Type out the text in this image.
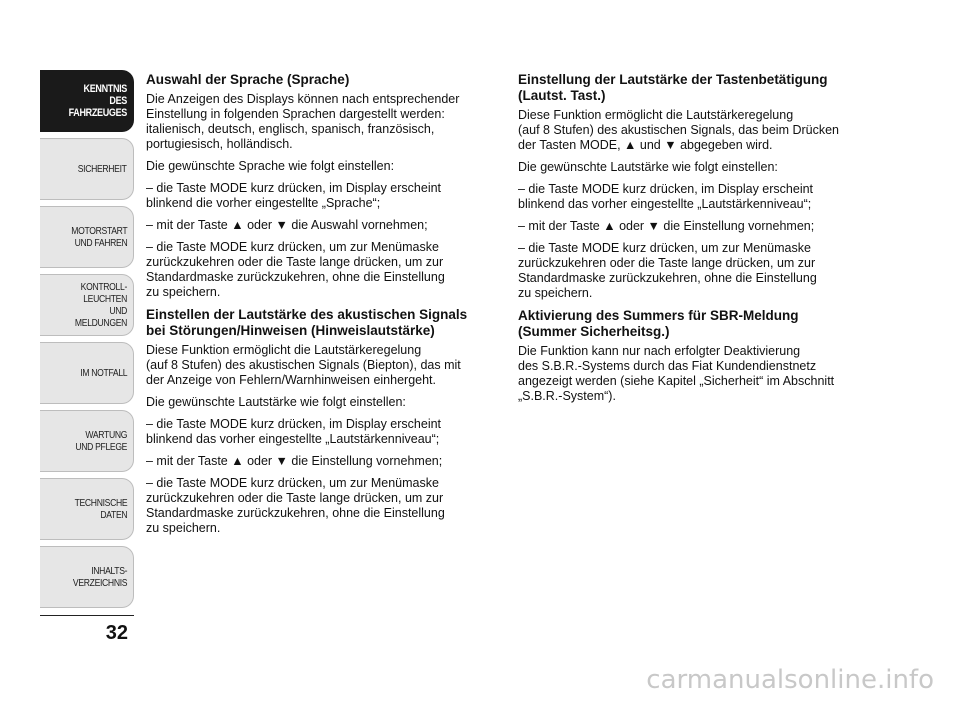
KENNTNIS
DES FAHRZEUGES
SICHERHEIT
MOTORSTART
UND FAHREN
KONTROLL-
LEUCHTEN
UND MELDUNGEN
IM NOTFALL
WARTUNG
UND PFLEGE
TECHNISCHE
DATEN
INHALTS-
VERZEICHNIS
32
Auswahl der Sprache (Sprache)

Die Anzeigen des Displays können nach entsprechender
Einstellung in folgenden Sprachen dargestellt werden:
italienisch, deutsch, englisch, spanisch, französisch,
portugiesisch, holländisch.

Die gewünschte Sprache wie folgt einstellen:

– die Taste MODE kurz drücken, im Display erscheint
blinkend die vorher eingestellte „Sprache“;

– mit der Taste ▲ oder ▼ die Auswahl vornehmen;

– die Taste MODE kurz drücken, um zur Menümaske
zurückzukehren oder die Taste lange drücken, um zur
Standardmaske zurückzukehren, ohne die Einstellung
zu speichern.

Einstellen der Lautstärke des akustischen Signals
bei Störungen/Hinweisen (Hinweislautstärke)

Diese Funktion ermöglicht die Lautstärkeregelung
(auf 8 Stufen) des akustischen Signals (Biepton), das mit
der Anzeige von Fehlern/Warnhinweisen einhergeht.

Die gewünschte Lautstärke wie folgt einstellen:

– die Taste MODE kurz drücken, im Display erscheint
blinkend das vorher eingestellte „Lautstärkenniveau“;

– mit der Taste ▲ oder ▼ die Einstellung vornehmen;

– die Taste MODE kurz drücken, um zur Menümaske
zurückzukehren oder die Taste lange drücken, um zur
Standardmaske zurückzukehren, ohne die Einstellung
zu speichern.

Einstellung der Lautstärke der Tastenbetätigung
(Lautst. Tast.)

Diese Funktion ermöglicht die Lautstärkeregelung
(auf 8 Stufen) des akustischen Signals, das beim Drücken
der Tasten MODE, ▲ und ▼ abgegeben wird.

Die gewünschte Lautstärke wie folgt einstellen:

– die Taste MODE kurz drücken, im Display erscheint
blinkend das vorher eingestellte „Lautstärkenniveau“;

– mit der Taste ▲ oder ▼ die Einstellung vornehmen;

– die Taste MODE kurz drücken, um zur Menümaske
zurückzukehren oder die Taste lange drücken, um zur
Standardmaske zurückzukehren, ohne die Einstellung
zu speichern.

Aktivierung des Summers für SBR-Meldung
(Summer Sicherheitsg.)

Die Funktion kann nur nach erfolgter Deaktivierung
des S.B.R.-Systems durch das Fiat Kundendienstnetz
angezeigt werden (siehe Kapitel „Sicherheit“ im Abschnitt
„S.B.R.-System“).

carmanualsonline.info
